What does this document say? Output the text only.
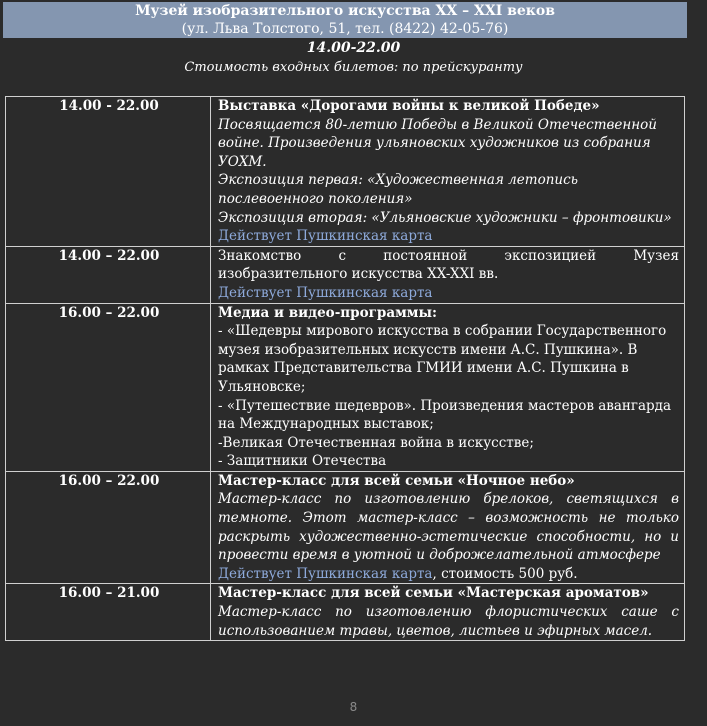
Музей изобразительного искусства XX – XXI веков
(ул. Льва Толстого, 51, тел. (8422) 42-05-76)
14.00-22.00
Стоимость входных билетов: по прейскуранту
14.00 - 22.00	Выставка «Дорогами войны к великой Победе»
Посвящается 80-летию Победы в Великой Отечественной войне. Произведения ульяновских художников из собрания УОХМ.
Экспозиция первая: «Художественная летопись послевоенного поколения»
Экспозиция вторая: «Ульяновские художники – фронтовики»
Действует Пушкинская карта

14.00 – 22.00	Знакомство с постоянной экспозицией Музея изобразительного искусства XX-XXI вв.
Действует Пушкинская карта

16.00 – 22.00	Медиа и видео-программы:
- «Шедевры мирового искусства в собрании Государственного музея изобразительных искусств имени А.С. Пушкина». В рамках Представительства ГМИИ имени А.С. Пушкина в Ульяновске;
- «Путешествие шедевров». Произведения мастеров авангарда на Международных выставок;
-Великая Отечественная война в искусстве;
- Защитники Отечества

16.00 – 22.00	Мастер-класс для всей семьи «Ночное небо»
Мастер-класс по изготовлению брелоков, светящихся в темноте. Этот мастер-класс – возможность не только раскрыть художественно-эстетические способности, но и провести время в уютной и доброжелательной атмосфере
Действует Пушкинская карта, стоимость 500 руб.

16.00 – 21.00	Мастер-класс для всей семьи «Мастерская ароматов»
Мастер-класс по изготовлению флористических саше с использованием травы, цветов, листьев и эфирных масел.
8
